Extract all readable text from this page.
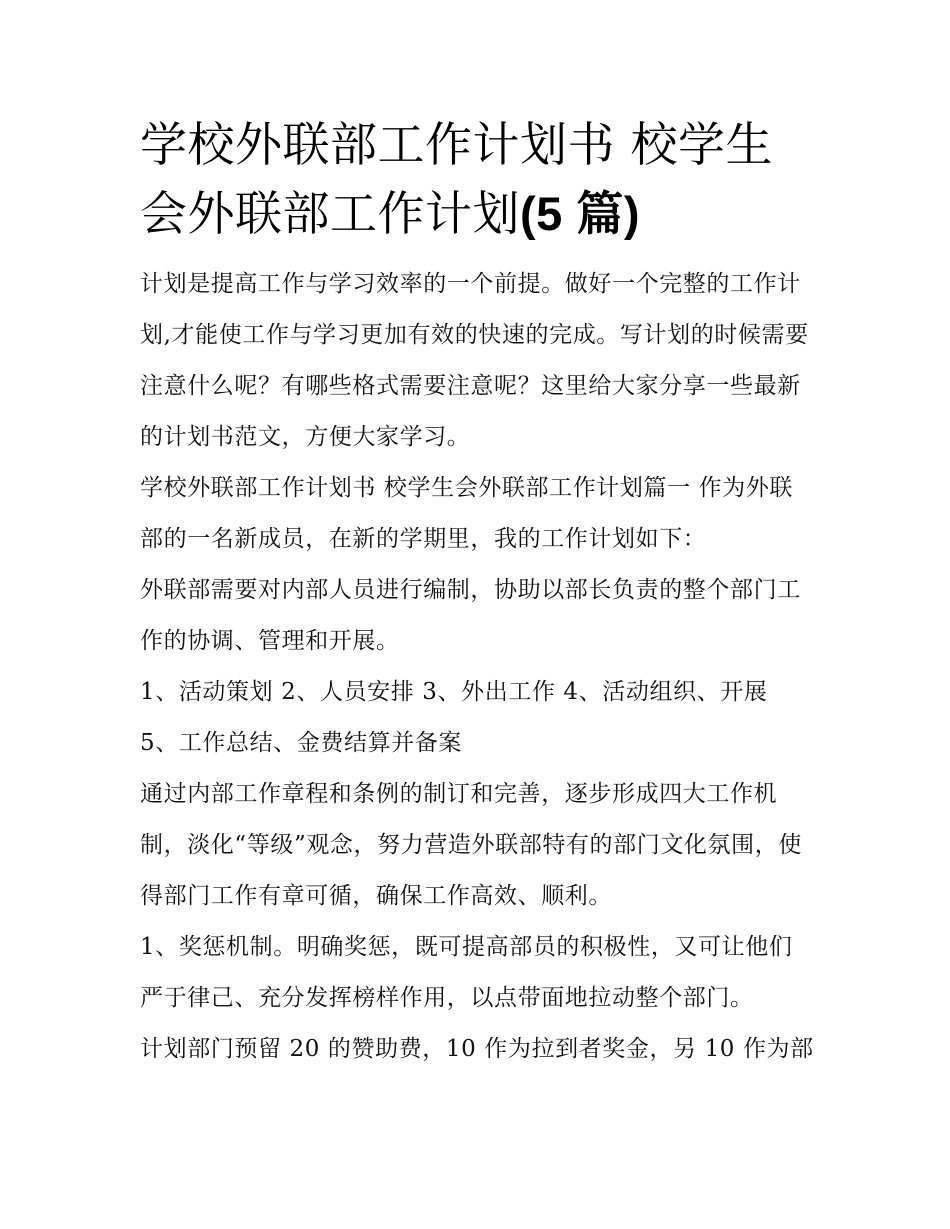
学校外联部工作计划书 校学生会外联部工作计划(5 篇)

计划是提高工作与学习效率的一个前提。做好一个完整的工作计划,才能使工作与学习更加有效的快速的完成。写计划的时候需要注意什么呢？有哪些格式需要注意呢？这里给大家分享一些最新的计划书范文，方便大家学习。

学校外联部工作计划书 校学生会外联部工作计划篇一 作为外联部的一名新成员，在新的学期里，我的工作计划如下：

外联部需要对内部人员进行编制，协助以部长负责的整个部门工作的协调、管理和开展。

1、活动策划 2、人员安排 3、外出工作 4、活动组织、开展

5、工作总结、金费结算并备案

通过内部工作章程和条例的制订和完善，逐步形成四大工作机制，淡化“等级”观念，努力营造外联部特有的部门文化氛围，使得部门工作有章可循，确保工作高效、顺利。

1、奖惩机制。明确奖惩，既可提高部员的积极性，又可让他们严于律己、充分发挥榜样作用，以点带面地拉动整个部门。

计划部门预留 20 的赞助费，10 作为拉到者奖金，另 10 作为部
